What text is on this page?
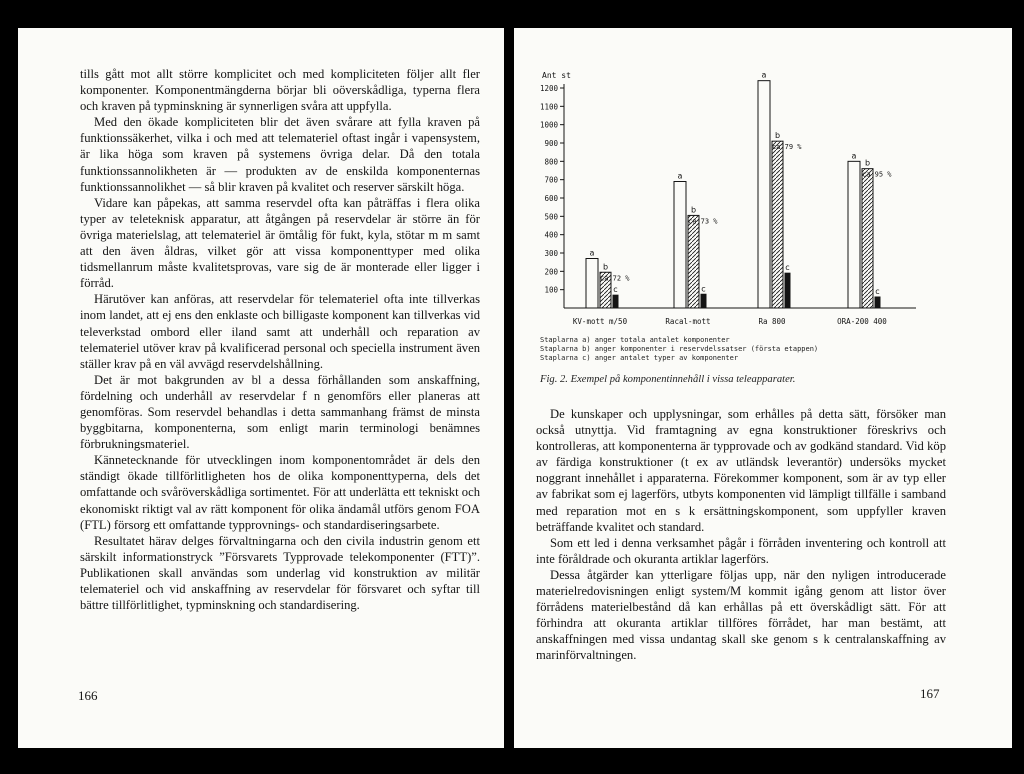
tills gått mot allt större komplicitet och med kompliciteten följer allt fler komponenter. Komponentmängderna börjar bli oöverskådliga, typerna flera och kraven på typminskning är synnerligen svåra att uppfylla.

Med den ökade kompliciteten blir det även svårare att fylla kraven på funktionssäkerhet, vilka i och med att telemateriel oftast ingår i vapensystem, är lika höga som kraven på systemens övriga delar. Då den totala funktionssannolikheten är — produkten av de enskilda komponenternas funktionssannolikhet — så blir kraven på kvalitet och reserver särskilt höga.

Vidare kan påpekas, att samma reservdel ofta kan påträffas i flera olika typer av teleteknisk apparatur, att åtgången på reservdelar är större än för övriga materielslag, att telemateriel är ömtålig för fukt, kyla, stötar m m samt att den även åldras, vilket gör att vissa komponenttyper med olika tidsmellanrum måste kvalitetsprovas, vare sig de är monterade eller ligger i förråd.

Härutöver kan anföras, att reservdelar för telemateriel ofta inte tillverkas inom landet, att ej ens den enklaste och billigaste komponent kan tillverkas vid televerkstad ombord eller iland samt att underhåll och reparation av telemateriel utöver krav på kvalificerad personal och speciella instrument även ställer krav på en väl avvägd reservdelshållning.

Det är mot bakgrunden av bl a dessa förhållanden som anskaffning, fördelning och underhåll av reservdelar f n genomförs eller planeras att genomföras. Som reservdel behandlas i detta sammanhang främst de minsta byggbitarna, komponenterna, som enligt marin terminologi benämnes förbrukningsmateriel.

Kännetecknande för utvecklingen inom komponentområdet är dels den ständigt ökade tillförlitligheten hos de olika komponenttyperna, dels det omfattande och svåröverskådliga sortimentet. För att underlätta ett tekniskt och ekonomiskt riktigt val av rätt komponent för olika ändamål utförs genom FOA (FTL) försorg ett omfattande typprovnings- och standardiseringsarbete.

Resultatet härav delges förvaltningarna och den civila industrin genom ett särskilt informationstryck ”Försvarets Typprovade telekomponenter (FTT)”. Publikationen skall användas som underlag vid konstruktion av militär telemateriel och vid anskaffning av reservdelar för försvaret och syftar till bättre tillförlitlighet, typminskning och standardisering.

166
Ant st
100
200
300
400
500
600
700
800
900
1000
1100
1200
a
b
c
ca 72 %
KV-mott m/50
a
b
c
ca 73 %
Racal-mott
a
b
c
ca 79 %
Ra 800
a
b
c
ca 95 %
ORA-200 400
Staplarna a) anger totala antalet komponenter
Staplarna b) anger komponenter i reservdelssatser (första etappen)
Staplarna c) anger antalet typer av komponenter
Fig. 2. Exempel på komponentinnehåll i vissa teleapparater.

De kunskaper och upplysningar, som erhålles på detta sätt, försöker man också utnyttja. Vid framtagning av egna konstruktioner föreskrivs och kontrolleras, att komponenterna är typprovade och av godkänd standard. Vid köp av färdiga konstruktioner (t ex av utländsk leverantör) undersöks mycket noggrant innehållet i apparaterna. Förekommer komponent, som är av typ eller av fabrikat som ej lagerförs, utbyts komponenten vid lämpligt tillfälle i samband med reparation mot en s k ersättningskomponent, som uppfyller kraven beträffande kvalitet och standard.

Som ett led i denna verksamhet pågår i förråden inventering och kontroll att inte föråldrade och okuranta artiklar lagerförs.

Dessa åtgärder kan ytterligare följas upp, när den nyligen introducerade materielredovisningen enligt system/M kommit igång genom att listor över förrådens materielbestånd då kan erhållas på ett överskådligt sätt. För att förhindra att okuranta artiklar tillföres förrådet, har man bestämt, att anskaffningen med vissa undantag skall ske genom s k centralanskaffning av marinförvaltningen.

167
